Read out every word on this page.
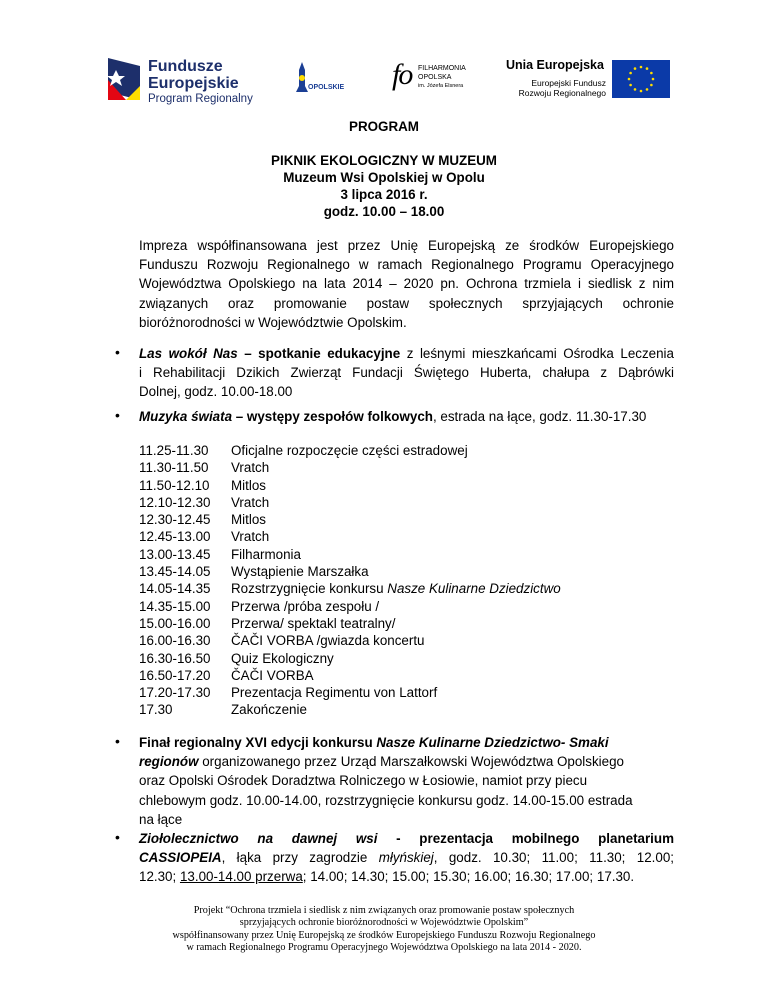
Fundusze
Europejskie
Program Regionalny
OPOLSKIE fo FILHARMONIA
OPOLSKA
im. Józefa Elsnera
Unia Europejska
Europejski Fundusz
Rozwoju Regionalnego
PROGRAM
PIKNIK EKOLOGICZNY W MUZEUM
Muzeum Wsi Opolskiej w Opolu
3 lipca 2016 r.
godz. 10.00 – 18.00
Impreza współfinansowana jest przez Unię Europejską ze środków Europejskiego
Funduszu Rozwoju Regionalnego w ramach Regionalnego Programu Operacyjnego
Województwa Opolskiego na lata 2014 – 2020 pn. Ochrona trzmiela i siedlisk z nim
związanych oraz promowanie postaw społecznych sprzyjających ochronie
bioróżnorodności w Województwie Opolskim.
• Las wokół Nas – spotkanie edukacyjne z leśnymi mieszkańcami Ośrodka Leczenia
i Rehabilitacji Dzikich Zwierząt Fundacji Świętego Huberta, chałupa z Dąbrówki
Dolnej, godz. 10.00-18.00
• Muzyka świata – występy zespołów folkowych, estrada na łące, godz. 11.30-17.30
11.25-11.30	Oficjalne rozpoczęcie części estradowej
11.30-11.50	Vratch
11.50-12.10	Mitlos
12.10-12.30	Vratch
12.30-12.45	Mitlos
12.45-13.00	Vratch
13.00-13.45	Filharmonia
13.45-14.05	Wystąpienie Marszałka
14.05-14.35	Rozstrzygnięcie konkursu Nasze Kulinarne Dziedzictwo
14.35-15.00	Przerwa /próba zespołu /
15.00-16.00	Przerwa/ spektakl teatralny/
16.00-16.30	ČAČI VORBA /gwiazda koncertu
16.30-16.50	Quiz Ekologiczny
16.50-17.20	ČAČI VORBA
17.20-17.30	Prezentacja Regimentu von Lattorf
17.30	Zakończenie
• Finał regionalny XVI edycji konkursu Nasze Kulinarne Dziedzictwo- Smaki
regionów organizowanego przez Urząd Marszałkowski Województwa Opolskiego
oraz Opolski Ośrodek Doradztwa Rolniczego w Łosiowie, namiot przy piecu
chlebowym godz. 10.00-14.00, rozstrzygnięcie konkursu godz. 14.00-15.00 estrada
na łące
• Ziołolecznictwo na dawnej wsi - prezentacja mobilnego planetarium
CASSIOPEIA, łąka przy zagrodzie młyńskiej, godz. 10.30; 11.00; 11.30; 12.00;
12.30; 13.00-14.00 przerwa; 14.00; 14.30; 15.00; 15.30; 16.00; 16.30; 17.00; 17.30.
Projekt “Ochrona trzmiela i siedlisk z nim związanych oraz promowanie postaw społecznych
sprzyjających ochronie bioróżnorodności w Województwie Opolskim”
współfinansowany przez Unię Europejską ze środków Europejskiego Funduszu Rozwoju Regionalnego
w ramach Regionalnego Programu Operacyjnego Województwa Opolskiego na lata 2014 - 2020.
